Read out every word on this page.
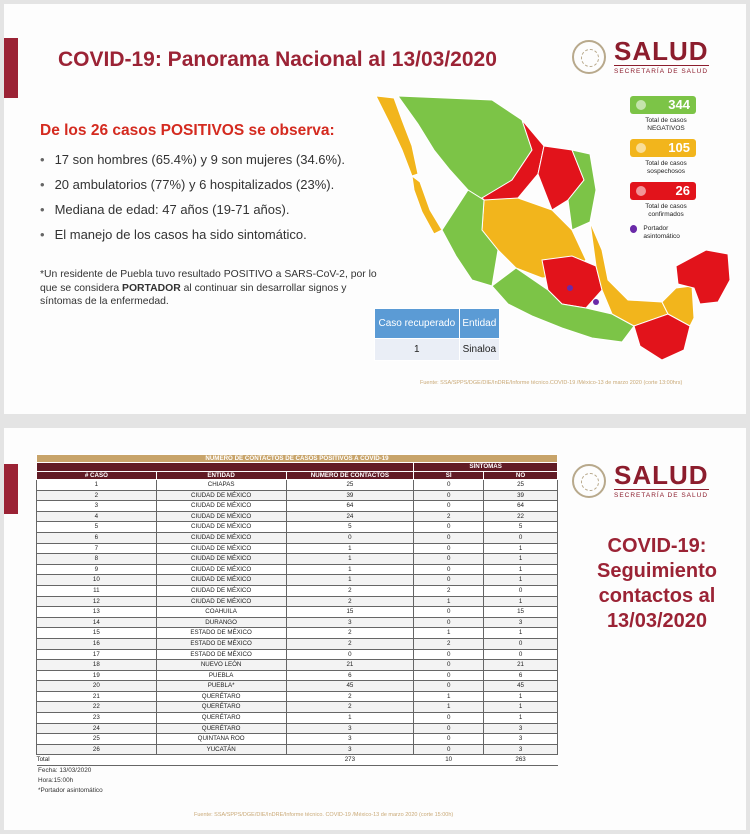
COVID-19: Panorama Nacional al 13/03/2020	SALUD
SECRETARÍA DE SALUD
De los 26 casos POSITIVOS se observa:
• 17 son hombres (65.4%) y 9 son mujeres (34.6%).
• 20 ambulatorios (77%) y 6 hospitalizados (23%).
• Mediana de edad: 47 años (19-71 años).
• El manejo de los casos ha sido sintomático.
*Un residente de Puebla tuvo resultado POSITIVO a SARS-CoV-2, por lo que se considera PORTADOR al continuar sin desarrollar signos y síntomas de la enfermedad.
344
Total de casos NEGATIVOS
105
Total de casos sospechosos
26
Total de casos confirmados
Portador asintomático
Caso recuperado	Entidad
1	Sinaloa
Fuente: SSA/SPPS/DGE/DIE/InDRE/Informe técnico.COVID-19 /México-13 de marzo 2020 (corte 13:00hrs)
NÚMERO DE CONTACTOS DE CASOS POSITIVOS A COVID-19				
			SÍNTOMAS	
# CASO	ENTIDAD	NÚMERO DE CONTACTOS	SÍ	NO
1	CHIAPAS	25	0	25
2	CIUDAD DE MÉXICO	39	0	39
3	CIUDAD DE MÉXICO	64	0	64
4	CIUDAD DE MÉXICO	24	2	22
5	CIUDAD DE MÉXICO	5	0	5
6	CIUDAD DE MÉXICO	0	0	0
7	CIUDAD DE MÉXICO	1	0	1
8	CIUDAD DE MÉXICO	1	0	1
9	CIUDAD DE MÉXICO	1	0	1
10	CIUDAD DE MÉXICO	1	0	1
11	CIUDAD DE MÉXICO	2	2	0
12	CIUDAD DE MÉXICO	2	1	1
13	COAHUILA	15	0	15
14	DURANGO	3	0	3
15	ESTADO DE MÉXICO	2	1	1
16	ESTADO DE MÉXICO	2	2	0
17	ESTADO DE MÉXICO	0	0	0
18	NUEVO LEÓN	21	0	21
19	PUEBLA	6	0	6
20	PUEBLA*	45	0	45
21	QUERÉTARO	2	1	1
22	QUERÉTARO	2	1	1
23	QUERÉTARO	1	0	1
24	QUERÉTARO	3	0	3
25	QUINTANA ROO	3	0	3
26	YUCATÁN	3	0	3
Total		273	10	263
Fecha: 13/03/2020
Hora:15:00h
*Portador asintomático
SALUD
SECRETARÍA DE SALUD
COVID-19: Seguimiento contactos al 13/03/2020
Fuente: SSA/SPPS/DGE/DIE/InDRE/Informe técnico. COVID-19 /México-13 de marzo 2020 (corte 15:00h)
